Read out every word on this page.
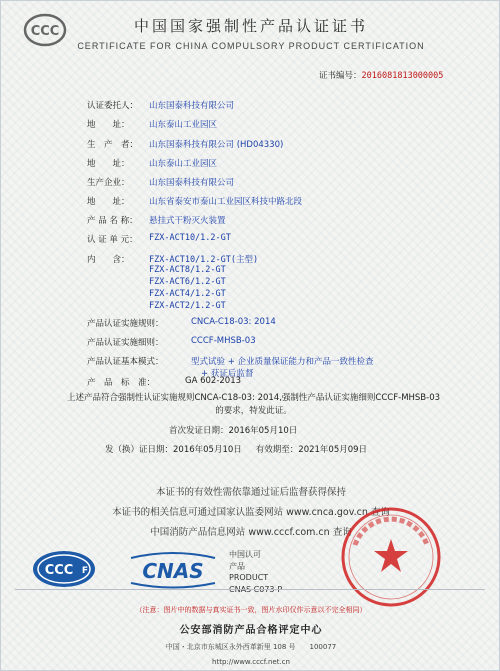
CCC	中国国家强制性产品认证证书
CERTIFICATE FOR CHINA COMPULSORY PRODUCT CERTIFICATION
证书编号：2016081813000005
认证委托人： 山东国泰科技有限公司
地　　址： 山东泰山工业园区
生　产　者： 山东国泰科技有限公司 (HD04330)
地　　址： 山东泰山工业园区
生产企业： 山东国泰科技有限公司
地　　址： 山东省泰安市泰山工业园区科技中路北段
产 品 名 称： 悬挂式干粉灭火装置
认 证 单 元： FZX-ACT10/1.2-GT
内　　含： FZX-ACT10/1.2-GT(主型)
FZX-ACT8/1.2-GT
FZX-ACT6/1.2-GT
FZX-ACT4/1.2-GT
FZX-ACT2/1.2-GT
产品认证实施规则：	CNCA-C18-03: 2014
产品认证实施细则：	CCCF-MHSB-03
产品认证基本模式：	型式试验 + 企业质量保证能力和产品一致性检查
+ 获证后监督
产　品　标　准：	GA 602-2013
上述产品符合强制性认证实施规则CNCA-C18-03: 2014,强制性产品认证实施细则CCCF-MHSB-03
的要求，特发此证。
首次发证日期：2016年05月10日
发（换）证日期：2016年05月10日 有效期至：2021年05月09日
本证书的有效性需依靠通过证后监督获得保持
本证书的相关信息可通过国家认监委网站 www.cnca.gov.cn 查询
中国消防产品信息网站 www.cccf.com.cn 查询
CCC F	CNAS
中国认可
产品
PRODUCT
（注意：图片中的数据与真实证书一致，图片水印仅作示意以不完全相同）
公安部消防产品合格评定中心
中国・北京市东城区永外西革新里 108 号　　100077
http://www.cccf.net.cn
